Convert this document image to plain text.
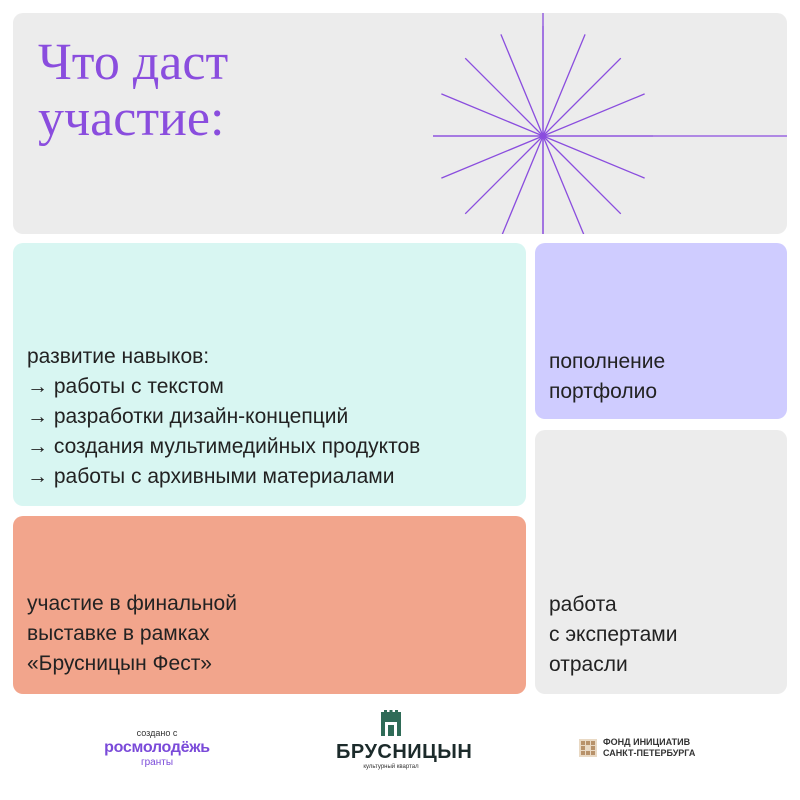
Что даст участие:
развитие навыков:
→ работы с текстом
→ разработки дизайн-концепций
→ создания мультимедийных продуктов
→ работы с архивными материалами
пополнение
портфолио
участие в финальной
выставке в рамках
«Брусницын Фест»
работа
с экспертами
отрасли
создано с
росмолодёжь
гранты	БРУСНИЦЫН
культурный квартал
ФОНД ИНИЦИАТИВ
САНКТ-ПЕТЕРБУРГА
